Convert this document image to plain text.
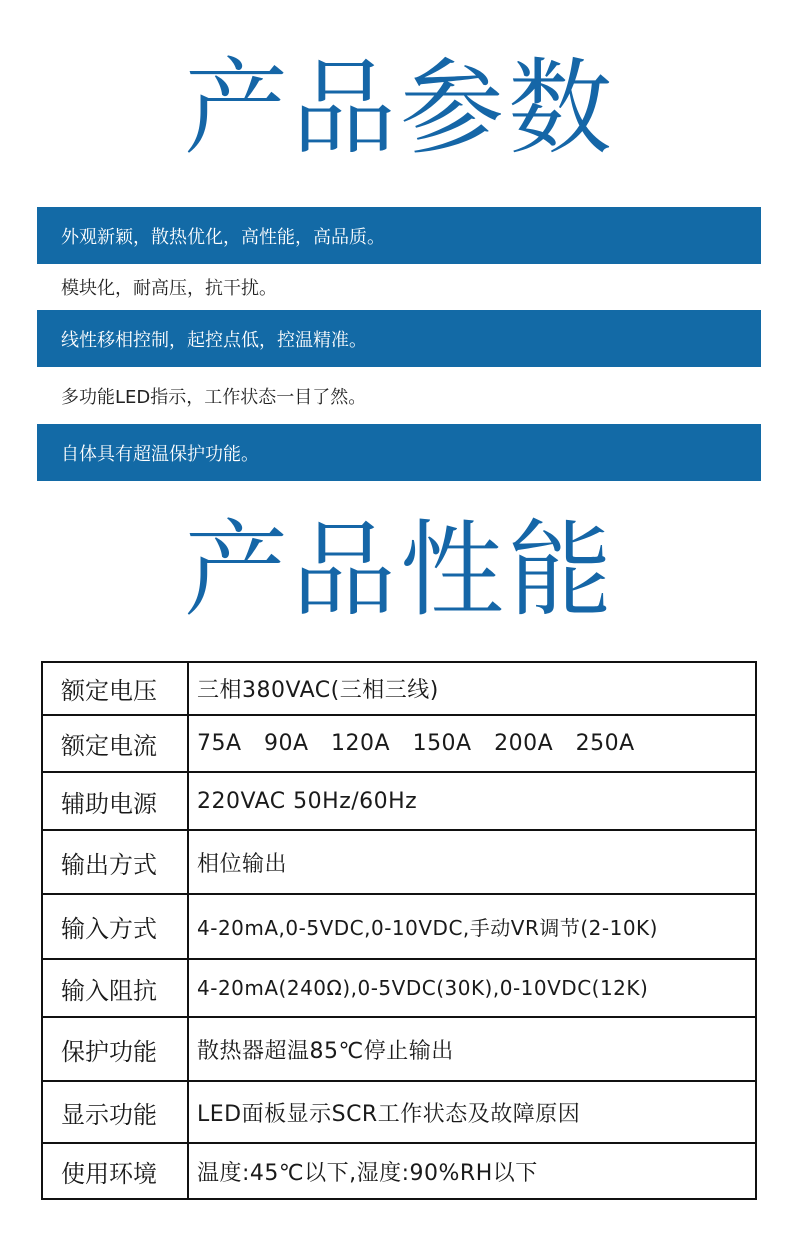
产品参数
外观新颖，散热优化，高性能，高品质。
模块化，耐高压，抗干扰。
线性移相控制，起控点低，控温精准。
多功能LED指示，工作状态一目了然。
自体具有超温保护功能。
产品性能
额定电压	三相380VAC(三相三线)
额定电流	75A   90A   120A   150A   200A   250A
辅助电源	220VAC 50Hz/60Hz
输出方式	相位输出
输入方式	4-20mA,0-5VDC,0-10VDC,手动VR调节(2-10K)
输入阻抗	4-20mA(240Ω),0-5VDC(30K),0-10VDC(12K)
保护功能	散热器超温85℃停止输出
显示功能	LED面板显示SCR工作状态及故障原因
使用环境	温度:45℃以下,湿度:90%RH以下
